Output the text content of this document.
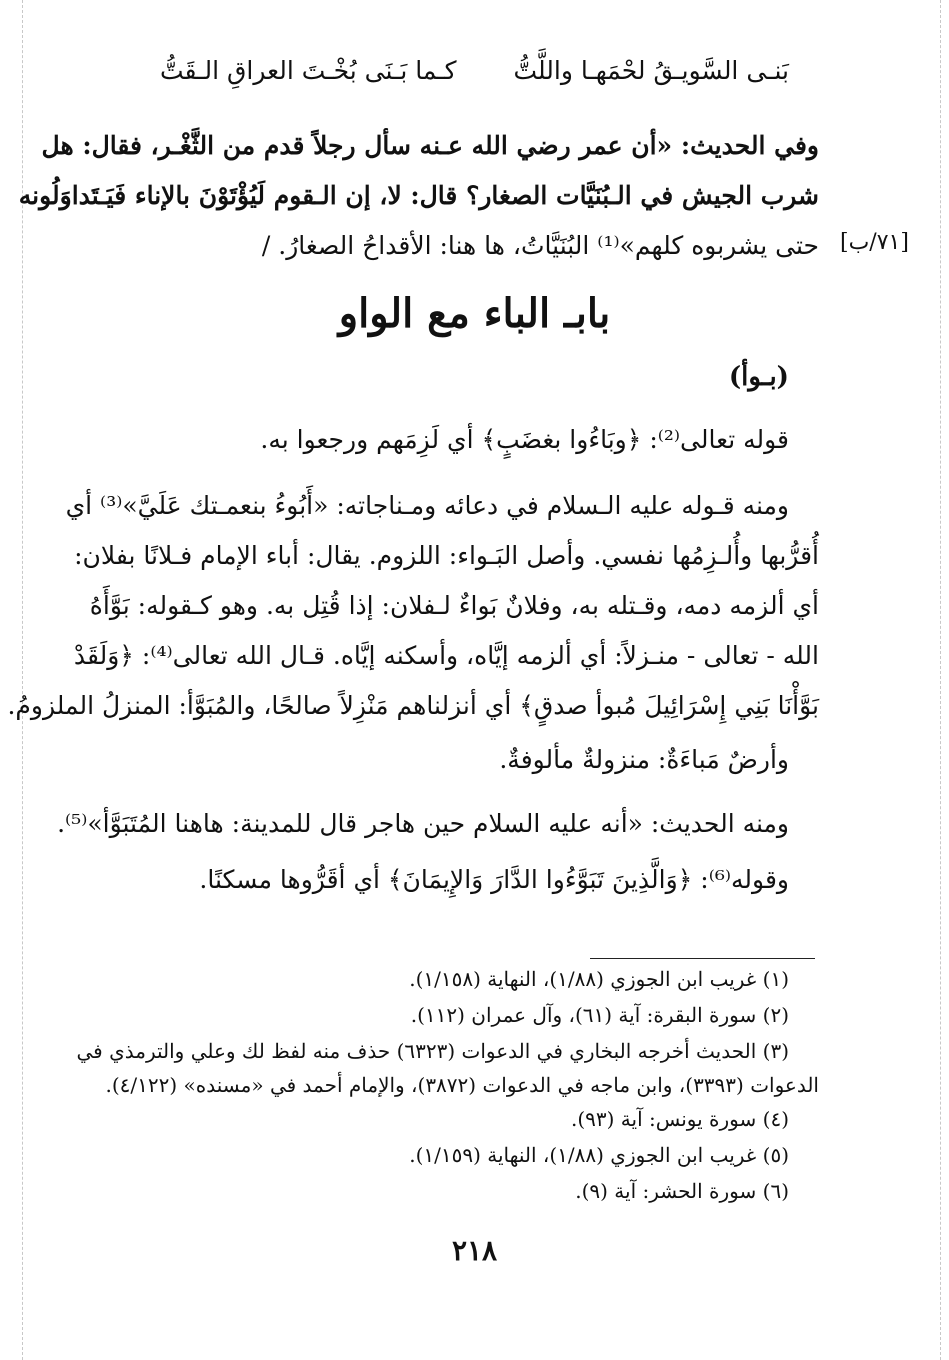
بَنـى السَّويـقُ لحْمَهـا واللَّتُّ
كـما بَـنَى بُخْـتَ العراقِ الـقَتُّ
وفي الحديث: «أن عمر رضي الله عـنه سأل رجلاً قدم من الثَّغْـر، فقال: هل
شرب الجيش في الـبُنَيَّات الصغار؟ قال: لا، إن الـقوم لَيُؤْتَوْنَ بالإناء فَيَـتَداوَلُونه
حتى يشربوه كلهم»⁽¹⁾ البُنَيَّاتُ، ها هنا: الأقداحُ الصغارُ. / [٧١/ب]
بابـ الباء مع الواو
(بـوأ)
قوله تعالى⁽²⁾: ﴿وبَاءُوا بغضَبٍ﴾ أي لَزِمَهم ورجعوا به.
ومنه قـوله عليه الـسلام في دعائه ومـناجاته: «أَبُوءُ بنعمـتك عَلَيَّ»⁽³⁾ أي
أُقرُّبها وأُلـزِمُها نفسي. وأصل البَـواء: اللزوم. يقال: أباء الإمام فـلانًا بفلان:
أي ألزمه دمه، وقـتله به، وفلانٌ بَواءٌ لـفلان: إذا قُتِل به. وهو كـقوله: بَوَّأَهُ
الله - تعالى - منـزلاً: أي ألزمه إيَّاه، وأسكنه إيَّاه. قـال الله تعالى⁽⁴⁾: ﴿وَلَقَدْ
بَوَّأْنَا بَنِي إِسْرَائِيلَ مُبوأ صدقٍ﴾ أي أنزلناهم مَنْزِلاً صالحًا، والمُبَوَّأ: المنزلُ الملزومُ.
وأرضٌ مَباءَةٌ: منزولةٌ مألوفةٌ.
ومنه الحديث: «أنه عليه السلام حين هاجر قال للمدينة: هاهنا المُتَبَوَّأ»⁽⁵⁾.
وقوله⁽⁶⁾: ﴿وَالَّذِينَ تَبَوَّءُوا الدَّارَ وَالإِيمَانَ﴾ أي أقَرُّوها مسكنًا.
(١) غريب ابن الجوزي (١/٨٨)، النهاية (١/١٥٨).
(٢) سورة البقرة: آية (٦١)، وآل عمران (١١٢).
(٣) الحديث أخرجه البخاري في الدعوات (٦٣٢٣) حذف منه لفظ لك وعلي والترمذي في
الدعوات (٣٣٩٣)، وابن ماجه في الدعوات (٣٨٧٢)، والإمام أحمد في «مسنده» (٤/١٢٢).
(٤) سورة يونس: آية (٩٣).
(٥) غريب ابن الجوزي (١/٨٨)، النهاية (١/١٥٩).
(٦) سورة الحشر: آية (٩).
٢١٨
